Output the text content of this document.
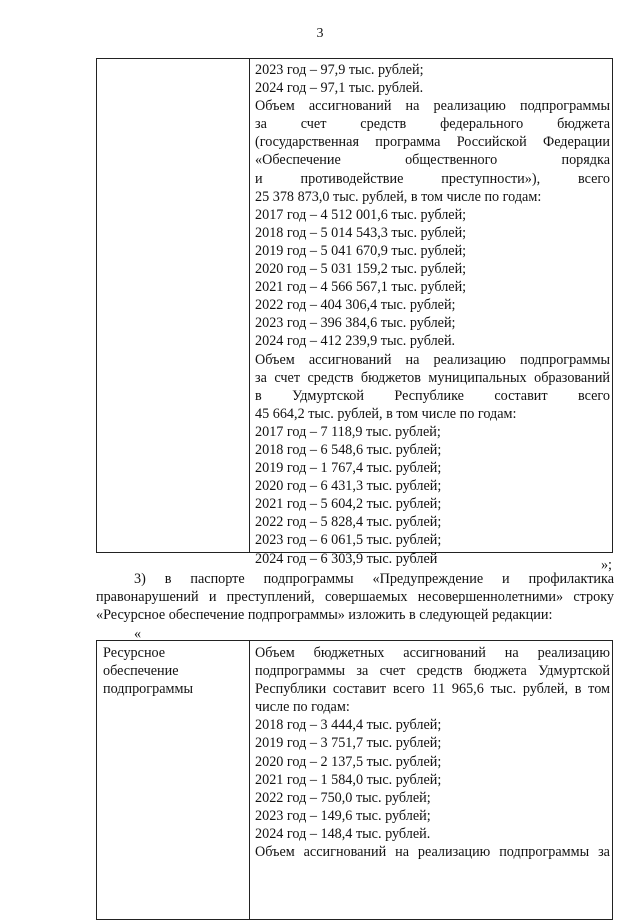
3
2023 год – 97,9 тыс. рублей;
2024 год – 97,1 тыс. рублей.
Объем ассигнований на реализацию подпрограммы
за счет средств федерального бюджета
(государственная программа Российской Федерации
«Обеспечение общественного порядка
и противодействие преступности»), всего
25 378 873,0 тыс. рублей, в том числе по годам:
2017 год – 4 512 001,6 тыс. рублей;
2018 год – 5 014 543,3 тыс. рублей;
2019 год – 5 041 670,9 тыс. рублей;
2020 год – 5 031 159,2 тыс. рублей;
2021 год – 4 566 567,1 тыс. рублей;
2022 год – 404 306,4 тыс. рублей;
2023 год – 396 384,6 тыс. рублей;
2024 год – 412 239,9 тыс. рублей.
Объем ассигнований на реализацию подпрограммы
за счет средств бюджетов муниципальных образований
в Удмуртской Республике составит всего
45 664,2 тыс. рублей, в том числе по годам:
2017 год – 7 118,9 тыс. рублей;
2018 год – 6 548,6 тыс. рублей;
2019 год – 1 767,4 тыс. рублей;
2020 год – 6 431,3 тыс. рублей;
2021 год – 5 604,2 тыс. рублей;
2022 год – 5 828,4 тыс. рублей;
2023 год – 6 061,5 тыс. рублей;
2024 год – 6 303,9 тыс. рублей	»;
3) в паспорте подпрограммы «Предупреждение и профилактика
правонарушений и преступлений, совершаемых несовершеннолетними» строку
«Ресурсное обеспечение подпрограммы» изложить в следующей редакции:
«
Ресурсное
обеспечение
подпрограммы
Объем бюджетных ассигнований на реализацию
подпрограммы за счет средств бюджета Удмуртской
Республики составит всего 11 965,6 тыс. рублей, в том
числе по годам:
2018 год – 3 444,4 тыс. рублей;
2019 год – 3 751,7 тыс. рублей;
2020 год – 2 137,5 тыс. рублей;
2021 год – 1 584,0 тыс. рублей;
2022 год – 750,0 тыс. рублей;
2023 год – 149,6 тыс. рублей;
2024 год – 148,4 тыс. рублей.
Объем ассигнований на реализацию подпрограммы за
